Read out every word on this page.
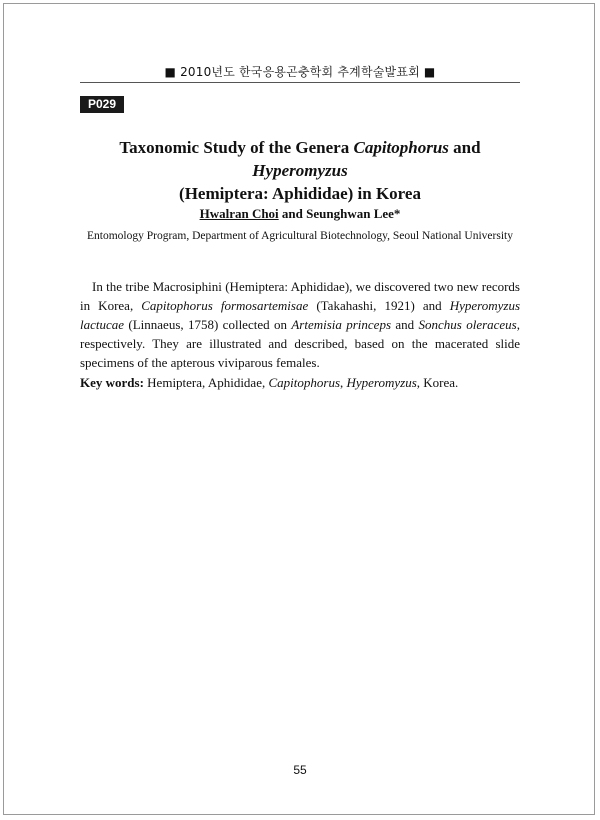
■ 2010년도 한국응용곤충학회 추계학술발표회 ■
P029
Taxonomic Study of the Genera Capitophorus and Hyperomyzus
(Hemiptera: Aphididae) in Korea
Hwalran Choi and Seunghwan Lee*
Entomology Program, Department of Agricultural Biotechnology, Seoul National University

In the tribe Macrosiphini (Hemiptera: Aphididae), we discovered two new records in Korea, Capitophorus formosartemisae (Takahashi, 1921) and Hyperomyzus lactucae (Linnaeus, 1758) collected on Artemisia princeps and Sonchus oleraceus, respectively. They are illustrated and described, based on the macerated slide specimens of the apterous viviparous females.

Key words: Hemiptera, Aphididae, Capitophorus, Hyperomyzus, Korea.

55
